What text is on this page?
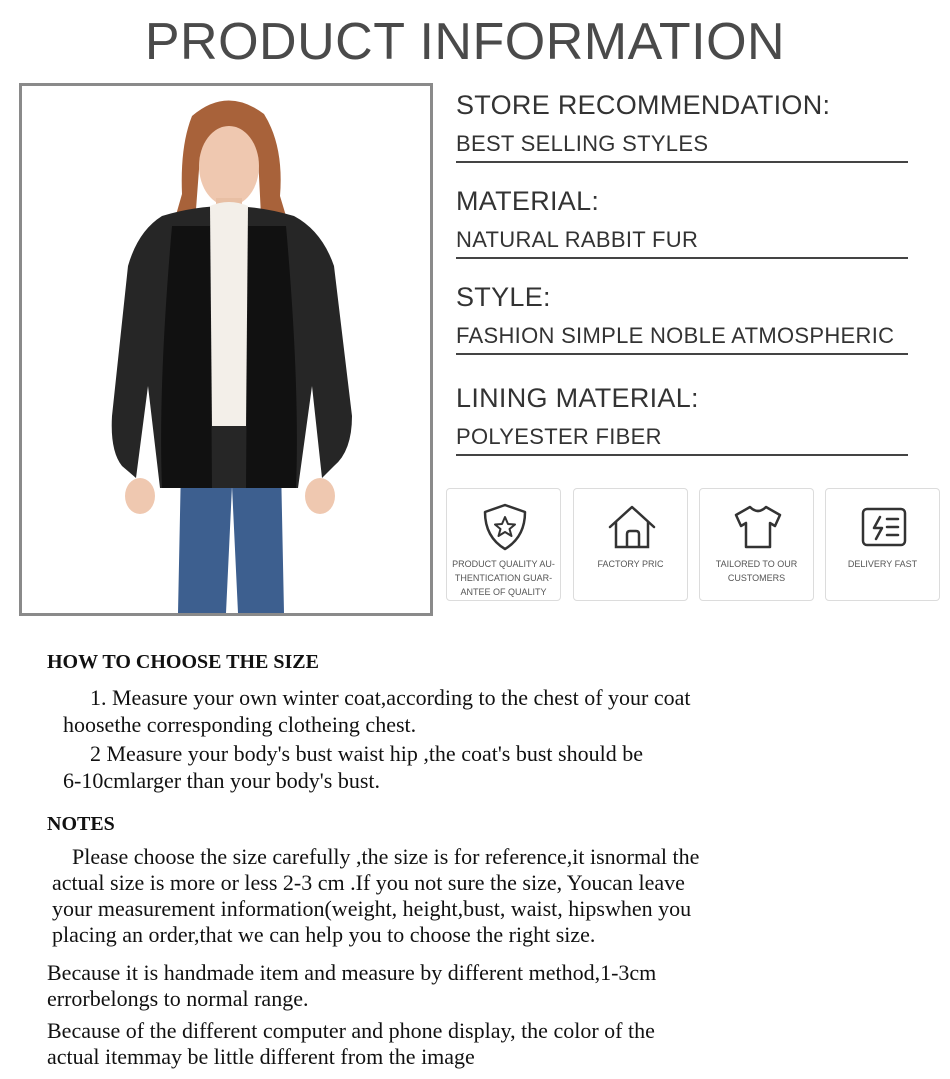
PRODUCT INFORMATION
STORE RECOMMENDATION:
BEST SELLING STYLES
MATERIAL:
NATURAL RABBIT FUR
STYLE:
FASHION SIMPLE NOBLE ATMOSPHERIC
LINING MATERIAL:
POLYESTER FIBER
PRODUCT QUALITY AU-THENTICATION GUAR-ANTEE OF QUALITY
FACTORY PRIC	TAILORED TO OUR CUSTOMERS
DELIVERY FAST
HOW TO CHOOSE THE SIZE
1. Measure your own winter coat,according to the chest of your coat
hoosethe corresponding clotheing chest.
2 Measure your body's bust waist hip ,the coat's bust should be
6-10cmlarger than your body's bust.
NOTES
Please choose the size carefully ,the size is for reference,it isnormal the
actual size is more or less 2-3 cm .If you not sure the size, Youcan leave
your measurement information(weight, height,bust, waist, hipswhen you
placing an order,that we can help you to choose the right size.
Because it is handmade item and measure by different method,1-3cm
errorbelongs to normal range.
Because of the different computer and phone display, the color of the
actual itemmay be little different from the image
